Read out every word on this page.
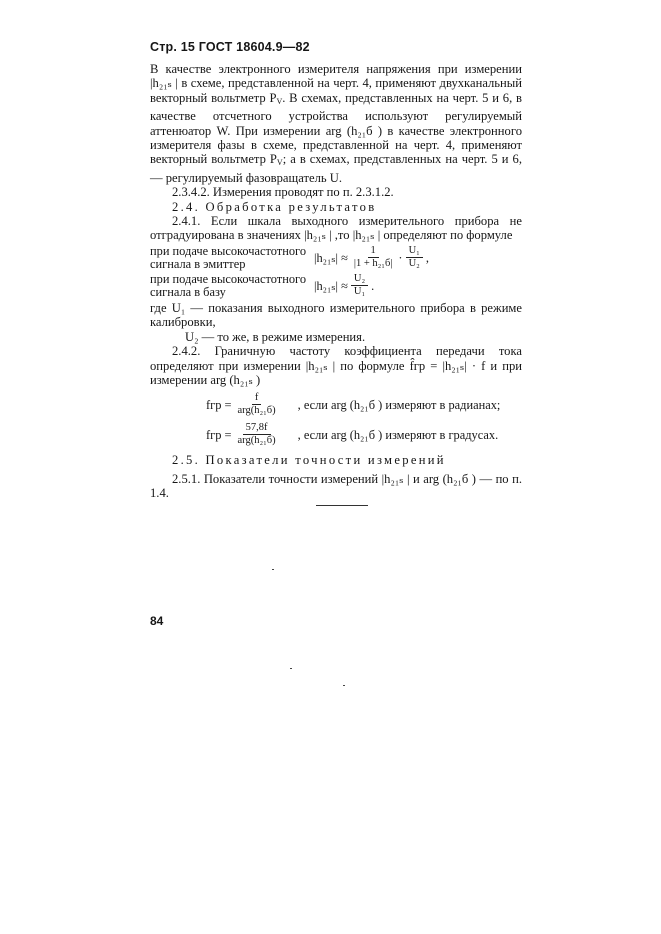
Стр. 15 ГОСТ 18604.9—82

В качестве электронного измерителя напряжения при измерении |h₂₁ₛ | в схеме, представленной на черт. 4, применяют двухканальный векторный вольтметр $P_V$. В схемах, представленных на черт. 5 и 6, в качестве отсчетного устройства используют регулируемый аттенюатор W. При измерении arg (h₂₁б ) в качестве электронного измерителя фазы в схеме, представленной на черт. 4, применяют векторный вольтметр $P_V$; а в схемах, представленных на черт. 5 и 6, — регулируемый фазовращатель U.

2.3.4.2. Измерения проводят по п. 2.3.1.2.

2.4. Обработка результатов

2.4.1. Если шкала выходного измерительного прибора не отградуирована в значениях |h₂₁ₛ | ,то |h₂₁ₛ | определяют по формуле

при подаче высокочастотного сигнала в эмиттер	$|h_{21s}| \approx \frac{1}{\text{|1 + h₂₁б|}} \cdot \frac{\text{U₁}}{\text{U₂}}$ ,
при подаче высокочастотного сигнала в базу	$|h_{21s}| \approx \frac{\text{U₂}}{\text{U₁}}$ .

где U₁ — показания выходного измерительного прибора в режиме калибровки,

U₂ — то же, в режиме измерения.

2.4.2. Граничную частоту коэффициента передачи тока определяют при измерении |h₂₁ₛ | по формуле f̂гр = |h₂₁ₛ| · f и при измерении arg (h₂₁ₛ )

fгр = $\frac{f}{\text{arg(h₂₁б)}}$ , если arg (h₂₁б ) измеряют в радианах;
fгр = $\frac{57,8f}{\text{arg(h₂₁б)}}$ , если arg (h₂₁б ) измеряют в градусах.

2.5. Показатели точности измерений

2.5.1. Показатели точности измерений |h₂₁ₛ | и arg (h₂₁б ) — по п. 1.4.

84
